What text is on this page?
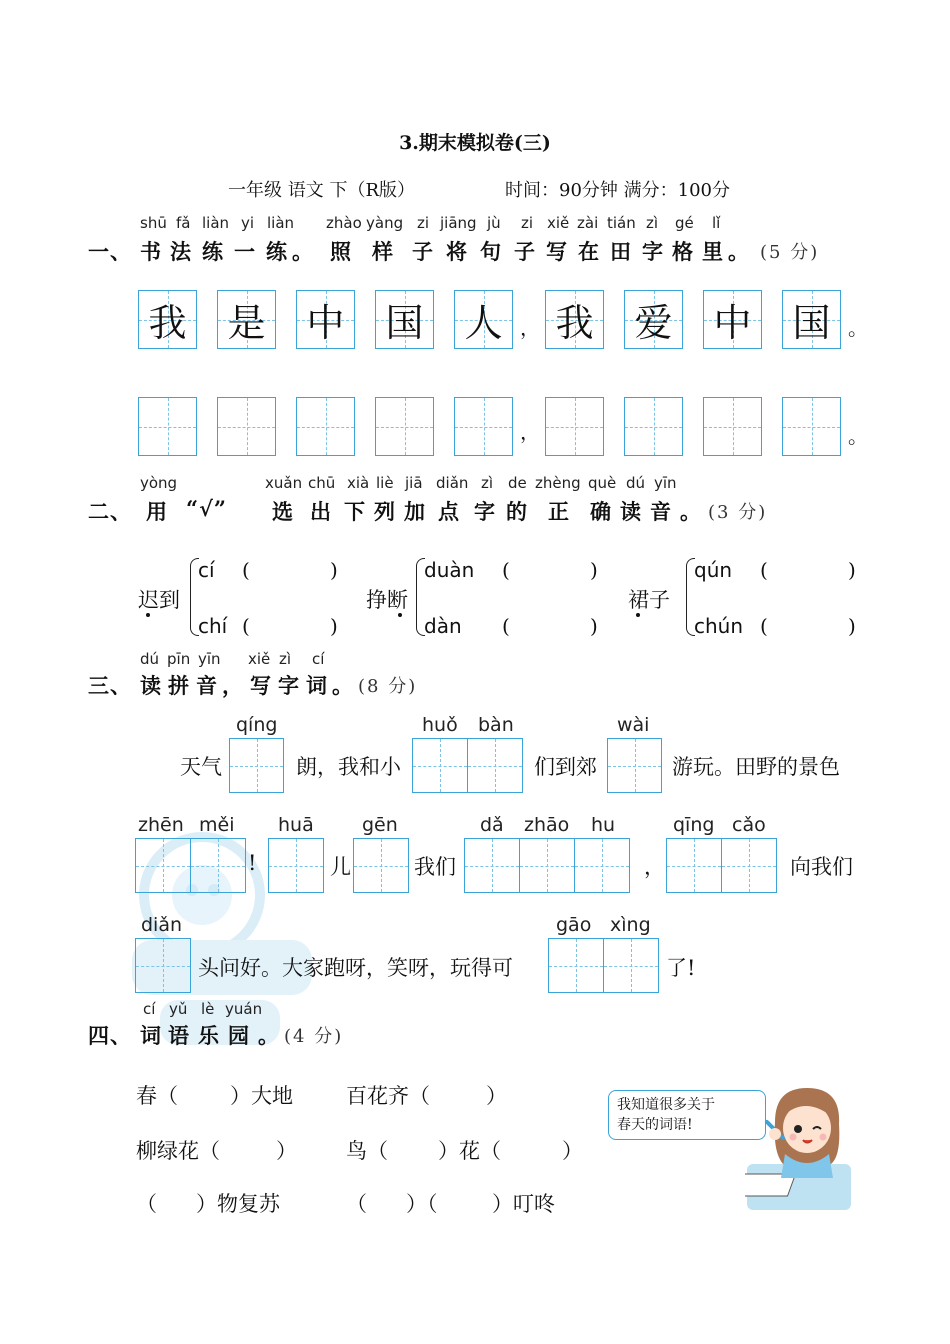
3.期末模拟卷(三)
一年级 语文 下（R版）	时间：90分钟 满分：100分
shū fǎ liàn yi liàn zhào yàng zi jiāng jù zi xiě zài tián zì gé lǐ
一、 书 法 练 一 练 。 照 样 子 将 句 子 写 在 田 字 格 里 。 (5 分)
我 是 中 国 人 ， 我 爱 中 国 。
，	。
yòng	xuǎn chū xià liè jiā diǎn zì de zhèng què dú yīn
二、 用 “√” 选 出 下 列 加 点 字 的 正 确 读 音 。 (3 分)
迟到
cí (	)
chí (	)
挣断
duàn (	)
dàn (	)
裙子
qún (	)
chún (	)
dú pīn yīn xiě zì cí
三、 读 拼 音 ， 写 字 词 。 (8 分)
qíng	huǒ bàn	wài
天气	朗，我和小	们到郊	游玩。田野的景色
zhēn měi huā	gēn	dǎ zhāo hu	qīng cǎo
!	儿	我们	，	向我们
diǎn	gāo xìng
头问好。大家跑呀，笑呀，玩得可	了!
cí yǔ lè yuán
四、 词 语 乐 园 。 (4 分)
春（ ）大地	百花齐（	）
柳绿花（	） 鸟（ ）花（	）
（ ）物复苏	（ ）（	）叮咚
我知道很多关于
春天的词语!
